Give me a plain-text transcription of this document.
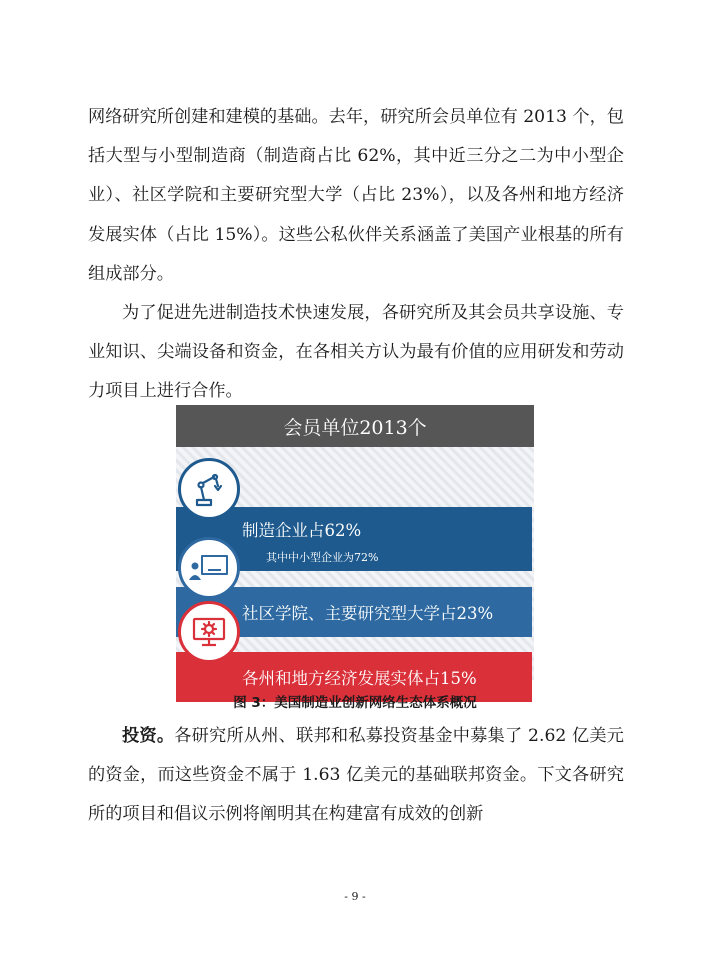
网络研究所创建和建模的基础。去年，研究所会员单位有 2013 个，包括大型与小型制造商（制造商占比 62%，其中近三分之二为中小型企业）、社区学院和主要研究型大学（占比 23%），以及各州和地方经济发展实体（占比 15%）。这些公私伙伴关系涵盖了美国产业根基的所有组成部分。

为了促进先进制造技术快速发展，各研究所及其会员共享设施、专业知识、尖端设备和资金，在各相关方认为最有价值的应用研发和劳动力项目上进行合作。

会员单位2013个
制造企业占62%
其中中小型企业为72%
社区学院、主要研究型大学占23%
各州和地方经济发展实体占15%
图 3：美国制造业创新网络生态体系概况

投资。各研究所从州、联邦和私募投资基金中募集了 2.62 亿美元的资金，而这些资金不属于 1.63 亿美元的基础联邦资金。下文各研究所的项目和倡议示例将阐明其在构建富有成效的创新

- 9 -
